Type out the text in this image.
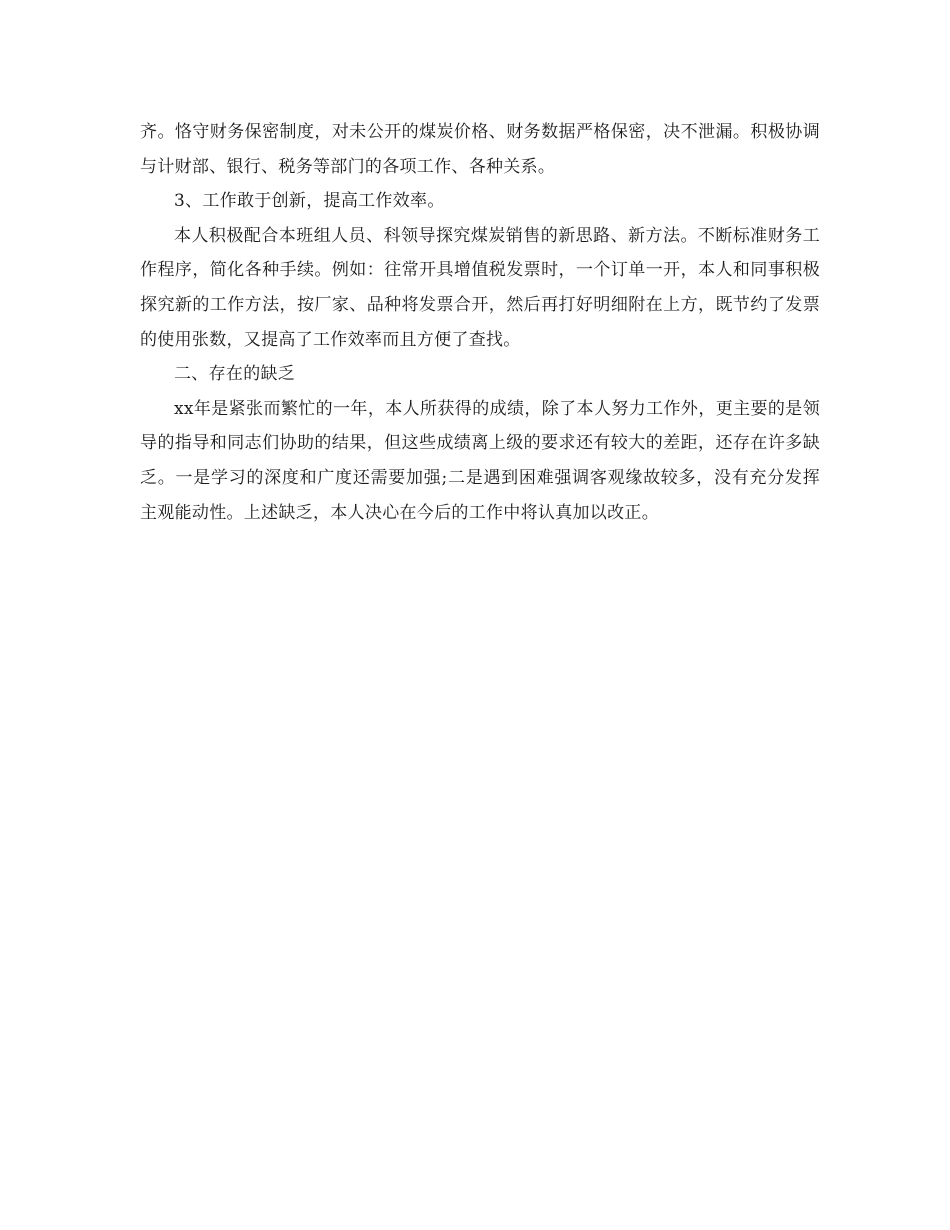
齐。恪守财务保密制度，对未公开的煤炭价格、财务数据严格保密，决不泄漏。积极协调与计财部、银行、税务等部门的各项工作、各种关系。

3、工作敢于创新，提高工作效率。

本人积极配合本班组人员、科领导探究煤炭销售的新思路、新方法。不断标准财务工作程序，简化各种手续。例如：往常开具增值税发票时，一个订单一开，本人和同事积极探究新的工作方法，按厂家、品种将发票合开，然后再打好明细附在上方，既节约了发票的使用张数，又提高了工作效率而且方便了查找。

二、存在的缺乏

xx年是紧张而繁忙的一年，本人所获得的成绩，除了本人努力工作外，更主要的是领导的指导和同志们协助的结果，但这些成绩离上级的要求还有较大的差距，还存在许多缺乏。一是学习的深度和广度还需要加强;二是遇到困难强调客观缘故较多，没有充分发挥主观能动性。上述缺乏，本人决心在今后的工作中将认真加以改正。
